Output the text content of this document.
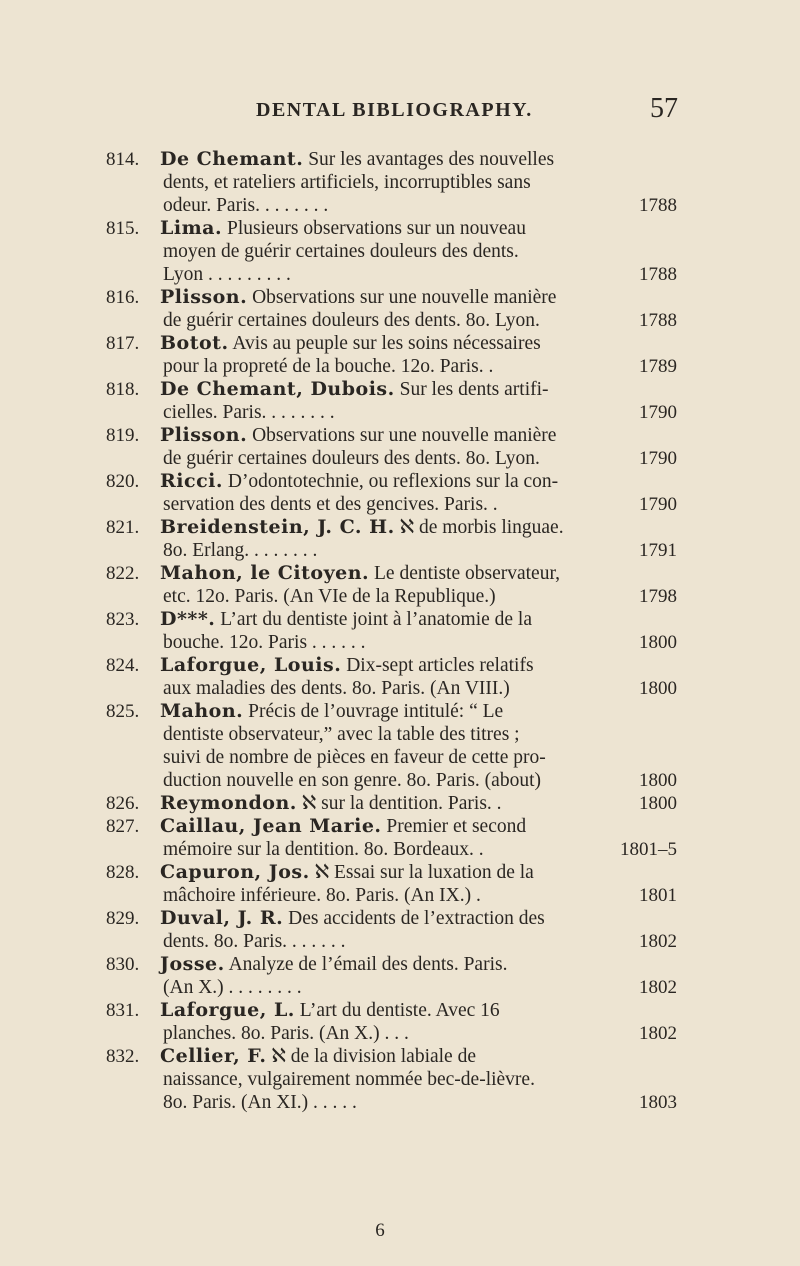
DENTAL BIBLIOGRAPHY.	57
814.	De Chemant. Sur les avantages des nouvelles
dents, et rateliers artificiels, incorruptibles sans
odeur. Paris. . . . . . . .	1788
815.	Lima. Plusieurs observations sur un nouveau
moyen de guérir certaines douleurs des dents.
Lyon . . . . . . . . .	1788
816.	Plisson. Observations sur une nouvelle manière
de guérir certaines douleurs des dents. 8o. Lyon.	1788
817.	Botot. Avis au peuple sur les soins nécessaires
pour la propreté de la bouche. 12o. Paris. .	1789
818.	De Chemant, Dubois. Sur les dents artifi-
cielles. Paris. . . . . . . .	1790
819.	Plisson. Observations sur une nouvelle manière
de guérir certaines douleurs des dents. 8o. Lyon.	1790
820.	Ricci. D’odontotechnie, ou reflexions sur la con-
servation des dents et des gencives. Paris. .	1790
821.	Breidenstein, J. C. H. ℵ de morbis linguae.
8o. Erlang. . . . . . . .	1791
822.	Mahon, le Citoyen. Le dentiste observateur,
etc. 12o. Paris. (An VIe de la Republique.)	1798
823.	D***. L’art du dentiste joint à l’anatomie de la
bouche. 12o. Paris . . . . . .	1800
824.	Laforgue, Louis. Dix-sept articles relatifs
aux maladies des dents. 8o. Paris. (An VIII.)	1800
825.	Mahon. Précis de l’ouvrage intitulé: “ Le
dentiste observateur,” avec la table des titres ;
suivi de nombre de pièces en faveur de cette pro-
duction nouvelle en son genre. 8o. Paris. (about)	1800
826.	Reymondon. ℵ sur la dentition. Paris. .	1800
827.	Caillau, Jean Marie. Premier et second
mémoire sur la dentition. 8o. Bordeaux. .	1801–5
828.	Capuron, Jos. ℵ Essai sur la luxation de la
mâchoire inférieure. 8o. Paris. (An IX.) .	1801
829.	Duval, J. R. Des accidents de l’extraction des
dents. 8o. Paris. . . . . . .	1802
830.	Josse. Analyze de l’émail des dents. Paris.
(An X.) . . . . . . . .	1802
831.	Laforgue, L. L’art du dentiste. Avec 16
planches. 8o. Paris. (An X.) . . .	1802
832.	Cellier, F. ℵ de la division labiale de
naissance, vulgairement nommée bec-de-lièvre.
8o. Paris. (An XI.) . . . . .	1803
6
